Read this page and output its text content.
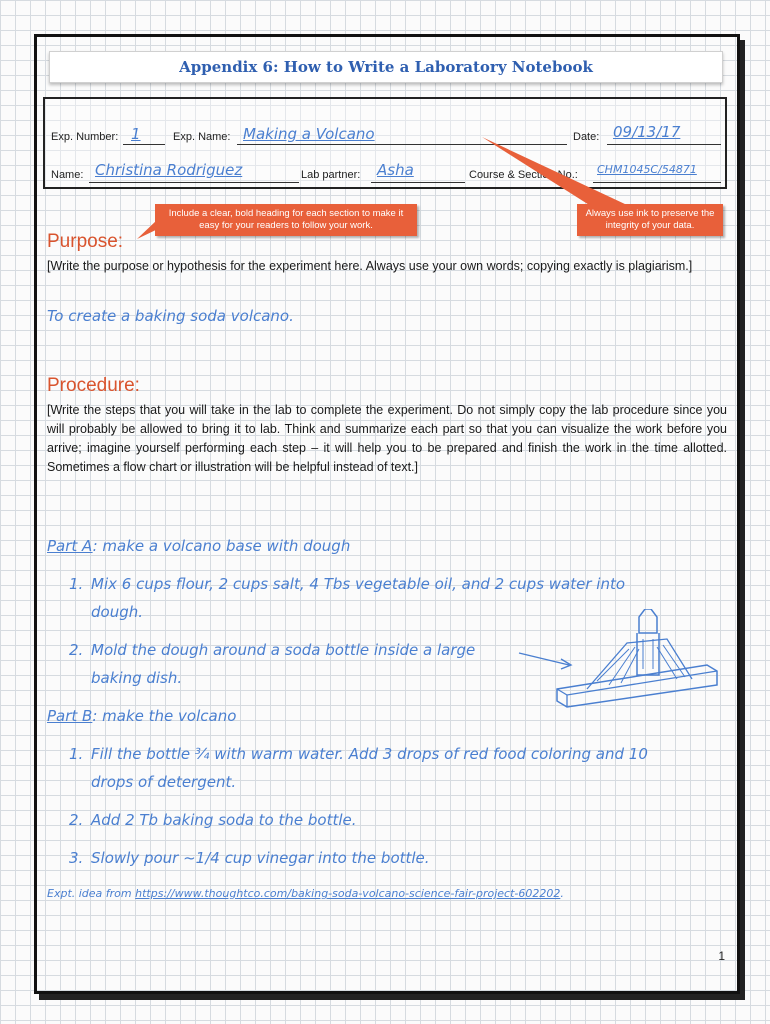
Appendix 6: How to Write a Laboratory Notebook
Exp. Number: 1	Exp. Name: Making a Volcano	Date: 09/13/17
Name: Christina Rodriguez	Lab partner: Asha	Course & Section No.: CHM1045C/54871
Include a clear, bold heading for each section to make it easy for your readers to follow your work.
Always use ink to preserve the integrity of your data.
Purpose:
[Write the purpose or hypothesis for the experiment here. Always use your own words; copying exactly is plagiarism.]
To create a baking soda volcano.
Procedure:
[Write the steps that you will take in the lab to complete the experiment. Do not simply copy the lab procedure since you will probably be allowed to bring it to lab. Think and summarize each part so that you can visualize the work before you arrive; imagine yourself performing each step – it will help you to be prepared and finish the work in the time allotted. Sometimes a flow chart or illustration will be helpful instead of text.]
Part A: make a volcano base with dough
1. Mix 6 cups flour, 2 cups salt, 4 Tbs vegetable oil, and 2 cups water into
dough.
2. Mold the dough around a soda bottle inside a large
baking dish.
Part B: make the volcano
1. Fill the bottle ¾ with warm water. Add 3 drops of red food coloring and 10
drops of detergent.
2. Add 2 Tb baking soda to the bottle.
3. Slowly pour ~1/4 cup vinegar into the bottle.
Expt. idea from https://www.thoughtco.com/baking-soda-volcano-science-fair-project-602202.
1
